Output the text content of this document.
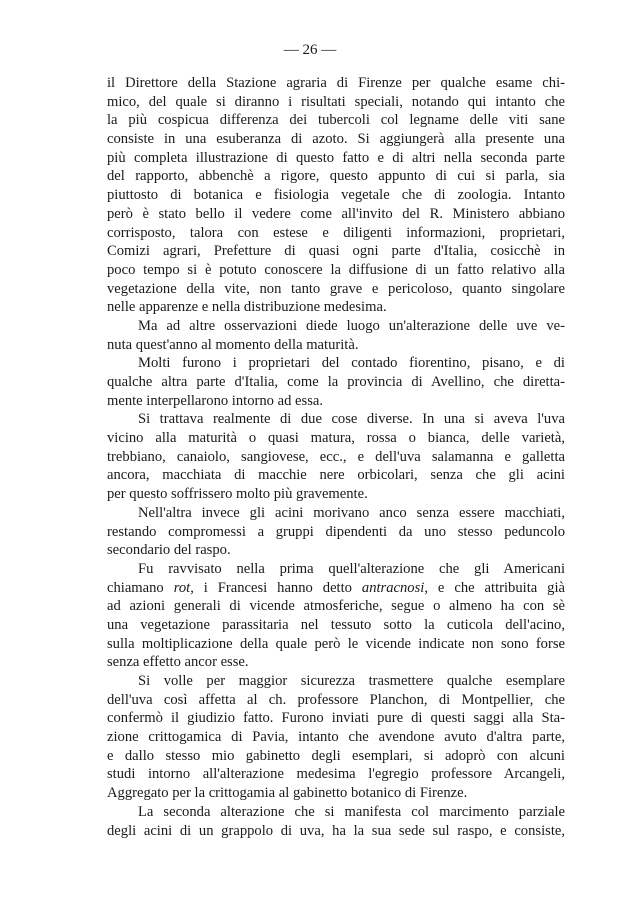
— 26 —
il Direttore della Stazione agraria di Firenze per qualche esame chi-
mico, del quale si diranno i risultati speciali, notando qui intanto che
la più cospicua differenza dei tubercoli col legname delle viti sane
consiste in una esuberanza di azoto. Si aggiungerà alla presente una
più completa illustrazione di questo fatto e di altri nella seconda parte
del rapporto, abbenchè a rigore, questo appunto di cui si parla, sia
piuttosto di botanica e fisiologia vegetale che di zoologia. Intanto
però è stato bello il vedere come all'invito del R. Ministero abbiano
corrisposto, talora con estese e diligenti informazioni, proprietari,
Comizi agrari, Prefetture di quasi ogni parte d'Italia, cosicchè in
poco tempo si è potuto conoscere la diffusione di un fatto relativo alla
vegetazione della vite, non tanto grave e pericoloso, quanto singolare
nelle apparenze e nella distribuzione medesima.
Ma ad altre osservazioni diede luogo un'alterazione delle uve ve-
nuta quest'anno al momento della maturità.
Molti furono i proprietari del contado fiorentino, pisano, e di
qualche altra parte d'Italia, come la provincia di Avellino, che diretta-
mente interpellarono intorno ad essa.
Si trattava realmente di due cose diverse. In una si aveva l'uva
vicino alla maturità o quasi matura, rossa o bianca, delle varietà,
trebbiano, canaiolo, sangiovese, ecc., e dell'uva salamanna e galletta
ancora, macchiata di macchie nere orbicolari, senza che gli acini
per questo soffrissero molto più gravemente.
Nell'altra invece gli acini morivano anco senza essere macchiati,
restando compromessi a gruppi dipendenti da uno stesso peduncolo
secondario del raspo.
Fu ravvisato nella prima quell'alterazione che gli Americani
chiamano rot, i Francesi hanno detto antracnosi, e che attribuita già
ad azioni generali di vicende atmosferiche, segue o almeno ha con sè
una vegetazione parassitaria nel tessuto sotto la cuticola dell'acino,
sulla moltiplicazione della quale però le vicende indicate non sono forse
senza effetto ancor esse.
Si volle per maggior sicurezza trasmettere qualche esemplare
dell'uva così affetta al ch. professore Planchon, di Montpellier, che
confermò il giudizio fatto. Furono inviati pure di questi saggi alla Sta-
zione crittogamica di Pavia, intanto che avendone avuto d'altra parte,
e dallo stesso mio gabinetto degli esemplari, si adoprò con alcuni
studi intorno all'alterazione medesima l'egregio professore Arcangeli,
Aggregato per la crittogamia al gabinetto botanico di Firenze.
La seconda alterazione che si manifesta col marcimento parziale
degli acini di un grappolo di uva, ha la sua sede sul raspo, e consiste,
